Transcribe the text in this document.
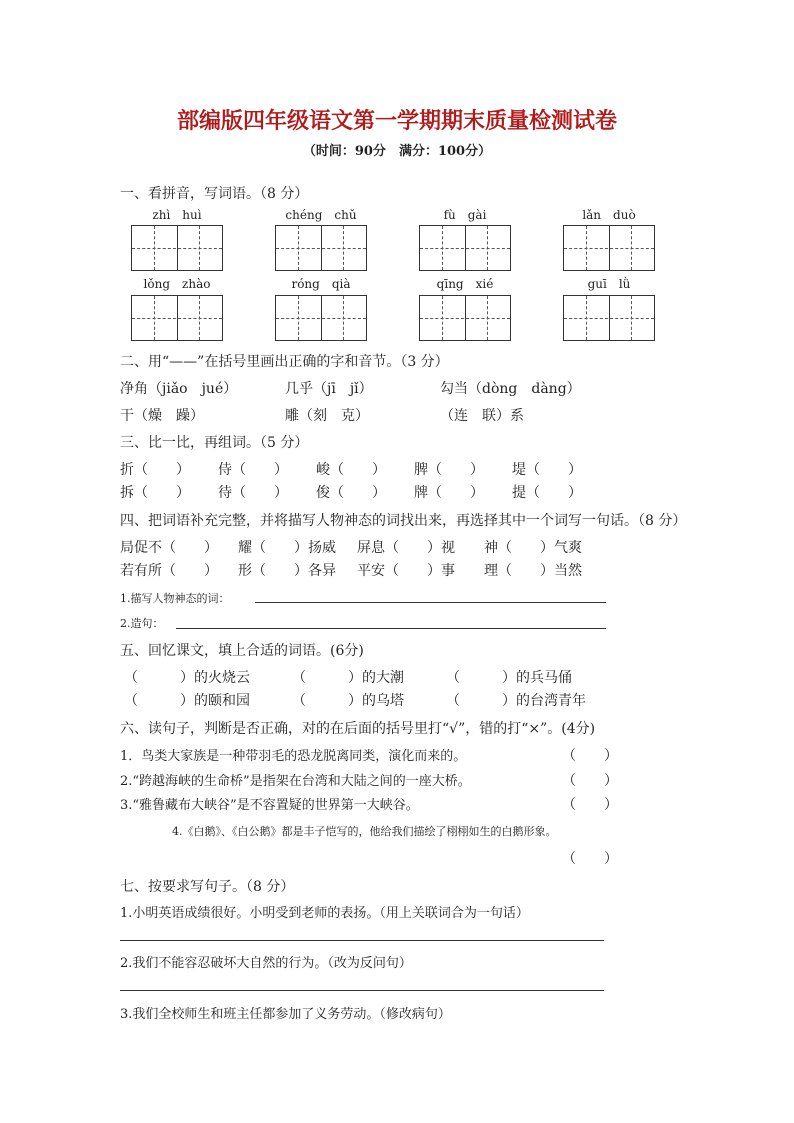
部编版四年级语文第一学期期末质量检测试卷
（时间：90分　满分：100分）
一、看拼音，写词语。（8 分）
zhì　huì	chéng　chǔ	fù　gài	lǎn　duò
lǒng　zhào	róng　qià	qīng　xié	guī　lǜ
二、用“——”在括号里画出正确的字和音节。（3 分）
净角（jiǎo　jué）	几乎（jī　jǐ）	勾当（dòng　dàng）
干（燥　躁）	雕（刻　克）	（连　联）系
三、比一比，再组词。（5 分）
折（　　） 侍（　　） 峻（　　） 脾（　　） 堤（　　）
拆（　　） 待（　　） 俊（　　） 牌（　　） 提（　　）
四、把词语补充完整，并将描写人物神态的词找出来，再选择其中一个词写一句话。（8 分）
局促不（　　） 耀（　　）扬威 屏息（　　）视 神（　　）气爽
若有所（　　） 形（　　）各异 平安（　　）事 理（　　）当然
1.描写人物神态的词：
2.造句：
五、回忆课文，填上合适的词语。(6分)
（　　　）的火烧云	（　　　）的大潮	（　　　）的兵马俑
（　　　）的颐和园	（　　　）的乌塔	（　　　）的台湾青年
六、读句子，判断是否正确，对的在后面的括号里打“√”，错的打“×”。(4分)
1．鸟类大家族是一种带羽毛的恐龙脱离同类，演化而来的。	（　　）
2.“跨越海峡的生命桥”是指架在台湾和大陆之间的一座大桥。	（　　）
3.“雅鲁藏布大峡谷”是不容置疑的世界第一大峡谷。	（　　）
4.《白鹅》、《白公鹅》都是丰子恺写的，他给我们描绘了栩栩如生的白鹅形象。
（　　）
七、按要求写句子。（8 分）
1.小明英语成绩很好。小明受到老师的表扬。（用上关联词合为一句话）
2.我们不能容忍破坏大自然的行为。（改为反问句）
3.我们全校师生和班主任都参加了义务劳动。（修改病句）
